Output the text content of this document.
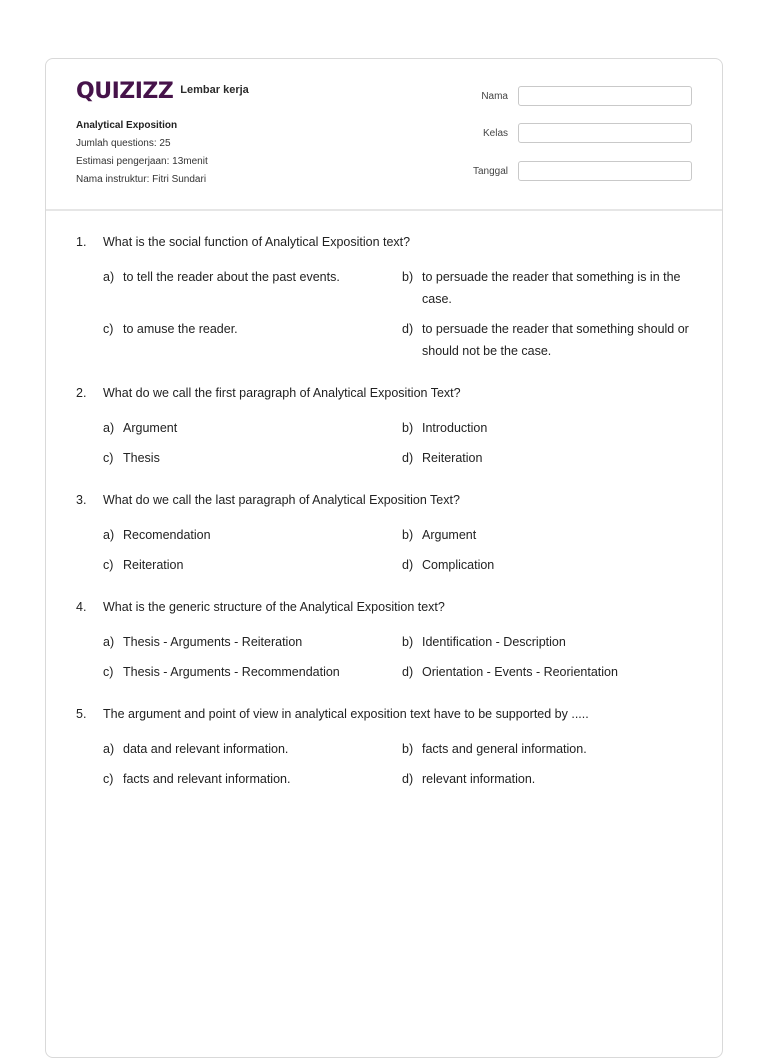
QUIZIZZ Lembar kerja
Analytical Exposition
Jumlah questions: 25
Estimasi pengerjaan: 13menit
Nama instruktur: Fitri Sundari
Nama
Kelas
Tanggal
1.	What is the social function of Analytical Exposition text?
a) to tell the reader about the past events.	b) to persuade the reader that something is in the case.
c) to amuse the reader.	d) to persuade the reader that something should or should not be the case.
2.	What do we call the first paragraph of Analytical Exposition Text?
a) Argument	b) Introduction
c) Thesis	d) Reiteration
3.	What do we call the last paragraph of Analytical Exposition Text?
a) Recomendation	b) Argument
c) Reiteration	d) Complication
4.	What is the generic structure of the Analytical Exposition text?
a) Thesis - Arguments - Reiteration	b) Identification - Description
c) Thesis - Arguments - Recommendation	d) Orientation - Events - Reorientation
5.	The argument and point of view in analytical exposition text have to be supported by .....
a) data and relevant information.	b) facts and general information.
c) facts and relevant information.	d) relevant information.
